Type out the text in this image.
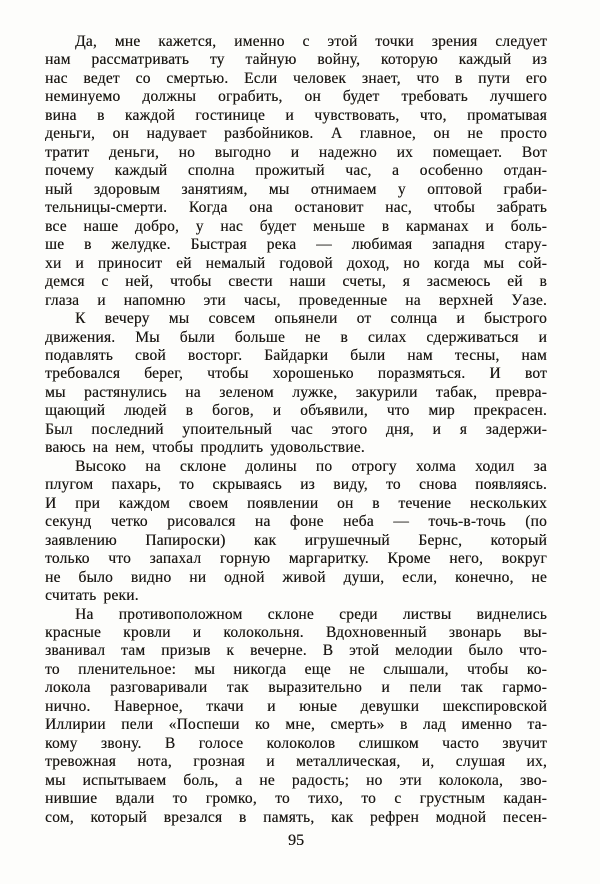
Да, мне кажется, именно с этой точки зрения следует
нам рассматривать ту тайную войну, которую каждый из
нас ведет со смертью. Если человек знает, что в пути его
неминуемо должны ограбить, он будет требовать лучшего
вина в каждой гостинице и чувствовать, что, проматывая
деньги, он надувает разбойников. А главное, он не просто
тратит деньги, но выгодно и надежно их помещает. Вот
почему каждый сполна прожитый час, а особенно отдан-
ный здоровым занятиям, мы отнимаем у оптовой граби-
тельницы-смерти. Когда она остановит нас, чтобы забрать
все наше добро, у нас будет меньше в карманах и боль-
ше в желудке. Быстрая река — любимая западня стару-
хи и приносит ей немалый годовой доход, но когда мы сой-
демся с ней, чтобы свести наши счеты, я засмеюсь ей в
глаза и напомню эти часы, проведенные на верхней Уазе.
К вечеру мы совсем опьянели от солнца и быстрого
движения. Мы были больше не в силах сдерживаться и
подавлять свой восторг. Байдарки были нам тесны, нам
требовался берег, чтобы хорошенько поразмяться. И вот
мы растянулись на зеленом лужке, закурили табак, превра-
щающий людей в богов, и объявили, что мир прекрасен.
Был последний упоительный час этого дня, и я задержи-
ваюсь на нем, чтобы продлить удовольствие.
Высоко на склоне долины по отрогу холма ходил за
плугом пахарь, то скрываясь из виду, то снова появляясь.
И при каждом своем появлении он в течение нескольких
секунд четко рисовался на фоне неба — точь-в-точь (по
заявлению Папироски) как игрушечный Бернс, который
только что запахал горную маргаритку. Кроме него, вокруг
не было видно ни одной живой души, если, конечно, не
считать реки.
На противоположном склоне среди листвы виднелись
красные кровли и колокольня. Вдохновенный звонарь вы-
званивал там призыв к вечерне. В этой мелодии было что-
то пленительное: мы никогда еще не слышали, чтобы ко-
локола разговаривали так выразительно и пели так гармо-
нично. Наверное, ткачи и юные девушки шекспировской
Иллирии пели «Поспеши ко мне, смерть» в лад именно та-
кому звону. В голосе колоколов слишком часто звучит
тревожная нота, грозная и металлическая, и, слушая их,
мы испытываем боль, а не радость; но эти колокола, зво-
нившие вдали то громко, то тихо, то с грустным кадан-
сом, который врезался в память, как рефрен модной песен-
95
